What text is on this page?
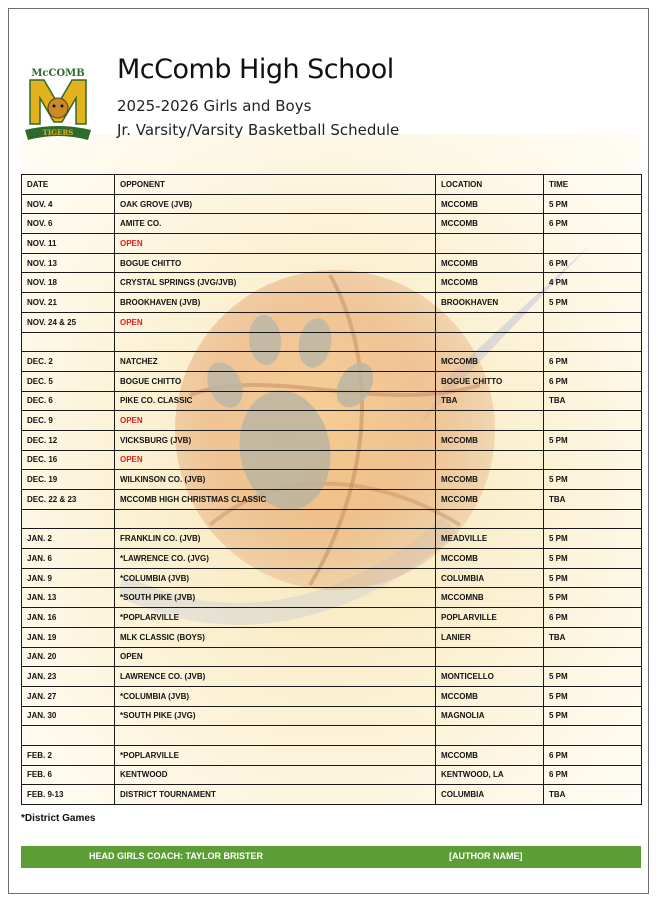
McCOMB
TIGERS
McComb High School
2025-2026 Girls and Boys
Jr. Varsity/Varsity Basketball Schedule
DATE	OPPONENT	LOCATION	TIME
NOV. 4	OAK GROVE (JVB)	MCCOMB	5 PM
NOV. 6	AMITE CO.	MCCOMB	6 PM
NOV. 11	OPEN		
NOV. 13	BOGUE CHITTO	MCCOMB	6 PM
NOV. 18	CRYSTAL SPRINGS (JVG/JVB)	MCCOMB	4 PM
NOV. 21	BROOKHAVEN (JVB)	BROOKHAVEN	5 PM
NOV. 24 & 25	OPEN		

DEC. 2	NATCHEZ	MCCOMB	6 PM
DEC. 5	BOGUE CHITTO	BOGUE CHITTO	6 PM
DEC. 6	PIKE CO. CLASSIC	TBA	TBA
DEC. 9	OPEN		
DEC. 12	VICKSBURG (JVB)	MCCOMB	5 PM
DEC. 16	OPEN		
DEC. 19	WILKINSON CO. (JVB)	MCCOMB	5 PM
DEC. 22 & 23	MCCOMB HIGH CHRISTMAS CLASSIC	MCCOMB	TBA

JAN. 2	FRANKLIN CO. (JVB)	MEADVILLE	5 PM
JAN. 6	*LAWRENCE CO. (JVG)	MCCOMB	5 PM
JAN. 9	*COLUMBIA (JVB)	COLUMBIA	5 PM
JAN. 13	*SOUTH PIKE (JVB)	MCCOMNB	5 PM
JAN. 16	*POPLARVILLE	POPLARVILLE	6 PM
JAN. 19	MLK CLASSIC (BOYS)	LANIER	TBA
JAN. 20	OPEN		
JAN. 23	LAWRENCE CO. (JVB)	MONTICELLO	5 PM
JAN. 27	*COLUMBIA (JVB)	MCCOMB	5 PM
JAN. 30	*SOUTH PIKE (JVG)	MAGNOLIA	5 PM

FEB. 2	*POPLARVILLE	MCCOMB	6 PM
FEB. 6	KENTWOOD	KENTWOOD, LA	6 PM
FEB. 9-13	DISTRICT TOURNAMENT	COLUMBIA	TBA
*District Games
HEAD GIRLS COACH: TAYLOR BRISTER	[AUTHOR NAME]
